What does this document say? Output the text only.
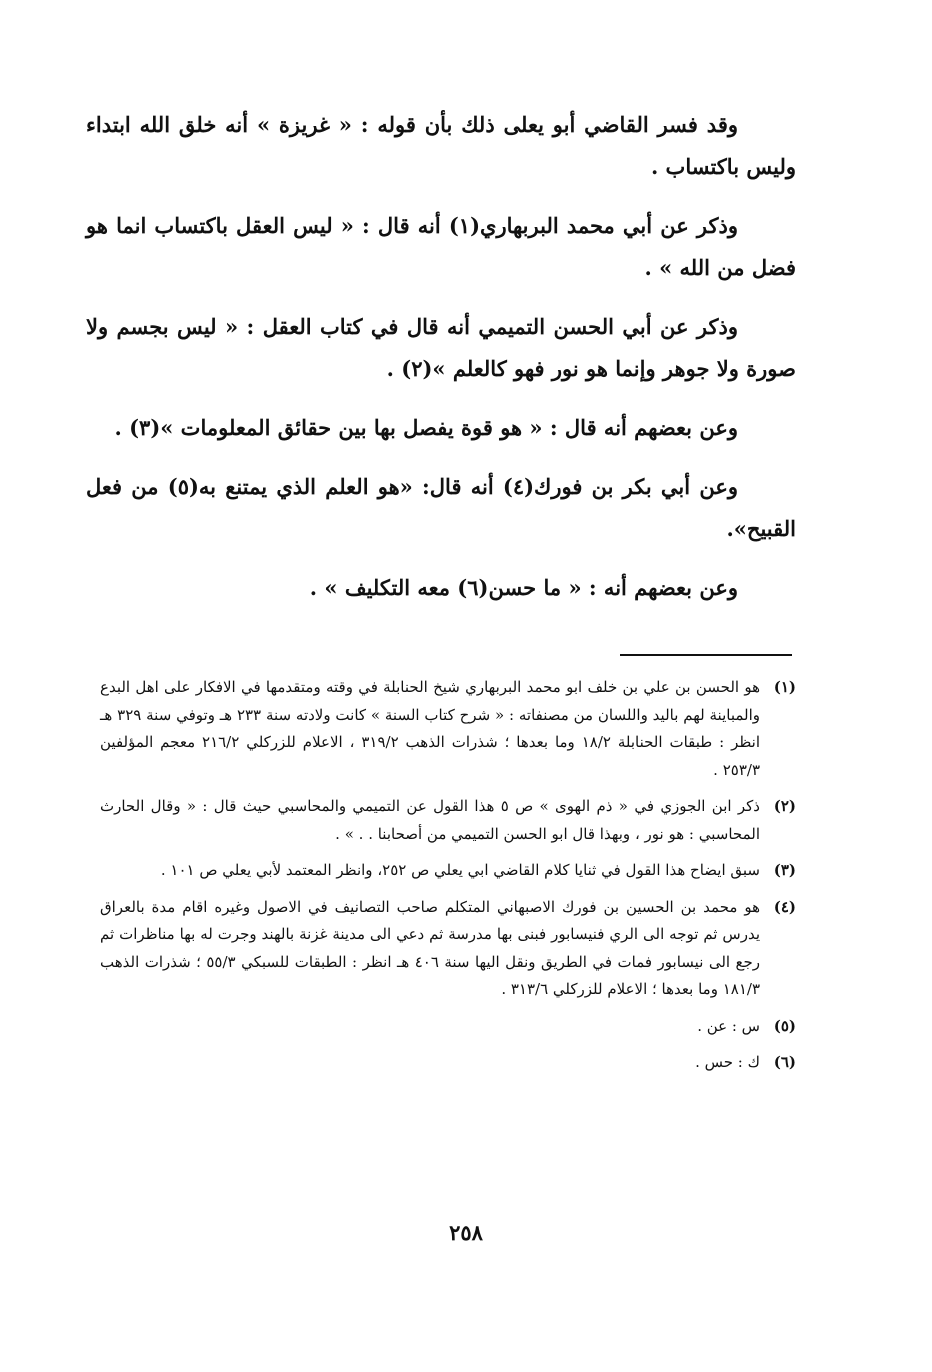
وقد فسر القاضي أبو يعلى ذلك بأن قوله : « غريزة » أنه خلق الله ابتداء وليس باكتساب .

وذكر عن أبي محمد البربهاري(١) أنه قال : « ليس العقل باكتساب انما هو فضل من الله » .

وذكر عن أبي الحسن التميمي أنه قال في كتاب العقل : « ليس بجسم ولا صورة ولا جوهر وإنما هو نور فهو كالعلم »(٢) .

وعن بعضهم أنه قال : « هو قوة يفصل بها بين حقائق المعلومات »(٣) .

وعن أبي بكر بن فورك(٤) أنه قال: «هو العلم الذي يمتنع به(٥) من فعل القبيح».

وعن بعضهم أنه : « ما حسن(٦) معه التكليف » .

(١)
هو الحسن بن علي بن خلف ابو محمد البربهاري شيخ الحنابلة في وقته ومتقدمها في الافكار على اهل البدع والمباينة لهم باليد واللسان من مصنفاته : « شرح كتاب السنة » كانت ولادته سنة ٢٣٣ هـ وتوفي سنة ٣٢٩ هـ انظر : طبقات الحنابلة ١٨/٢ وما بعدها ؛ شذرات الذهب ٣١٩/٢ ، الاعلام للزركلي ٢١٦/٢ معجم المؤلفين ٢٥٣/٣ .
(٢)
ذكر ابن الجوزي في « ذم الهوى » ص ٥ هذا القول عن التميمي والمحاسبي حيث قال : « وقال الحارث المحاسبي : هو نور ، وبهذا قال ابو الحسن التميمي من أصحابنا . . » .
(٣)
سبق ايضاح هذا القول في ثنايا كلام القاضي ابي يعلي ص ٢٥٢، وانظر المعتمد لأبي يعلي ص ١٠١ .
(٤)
هو محمد بن الحسين بن فورك الاصبهاني المتكلم صاحب التصانيف في الاصول وغيره اقام مدة بالعراق يدرس ثم توجه الى الري فنيسابور فبنى بها مدرسة ثم دعي الى مدينة غزنة بالهند وجرت له بها مناظرات ثم رجع الى نيسابور فمات في الطريق ونقل اليها سنة ٤٠٦ هـ انظر : الطبقات للسبكي ٥٥/٣ ؛ شذرات الذهب ١٨١/٣ وما بعدها ؛ الاعلام للزركلي ٣١٣/٦ .
(٥)
س : عن .
(٦)
ك : حس .
٢٥٨
